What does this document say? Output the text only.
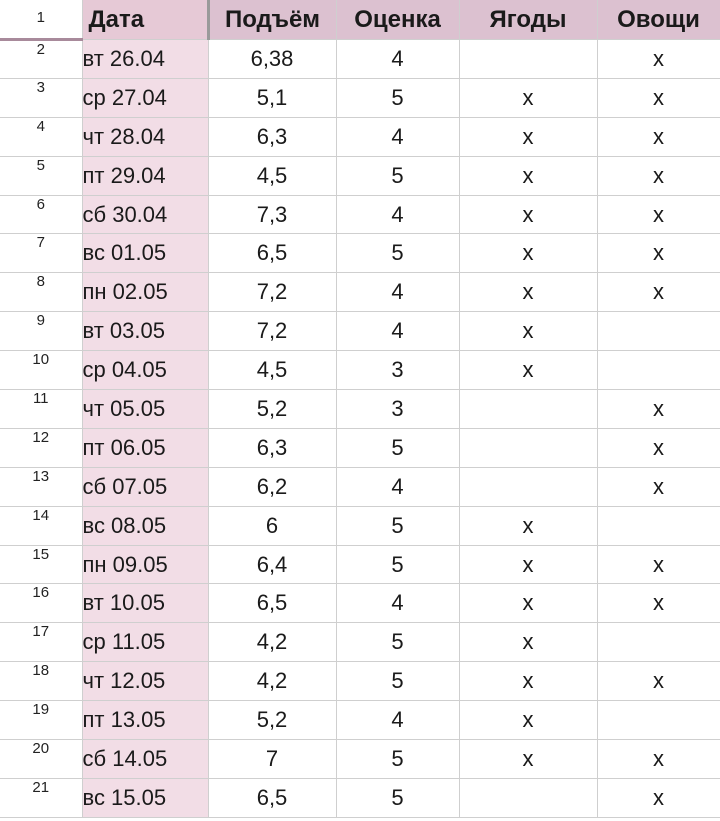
1	Дата	Подъём	Оценка	Ягоды	Овощи
2	вт 26.04	6,38	4		x
3	ср 27.04	5,1	5	x	x
4	чт 28.04	6,3	4	x	x
5	пт 29.04	4,5	5	x	x
6	сб 30.04	7,3	4	x	x
7	вс 01.05	6,5	5	x	x
8	пн 02.05	7,2	4	x	x
9	вт 03.05	7,2	4	x	
10	ср 04.05	4,5	3	x	
11	чт 05.05	5,2	3		x
12	пт 06.05	6,3	5		x
13	сб 07.05	6,2	4		x
14	вс 08.05	6	5	x	
15	пн 09.05	6,4	5	x	x
16	вт 10.05	6,5	4	x	x
17	ср 11.05	4,2	5	x	
18	чт 12.05	4,2	5	x	x
19	пт 13.05	5,2	4	x	
20	сб 14.05	7	5	x	x
21	вс 15.05	6,5	5		x
